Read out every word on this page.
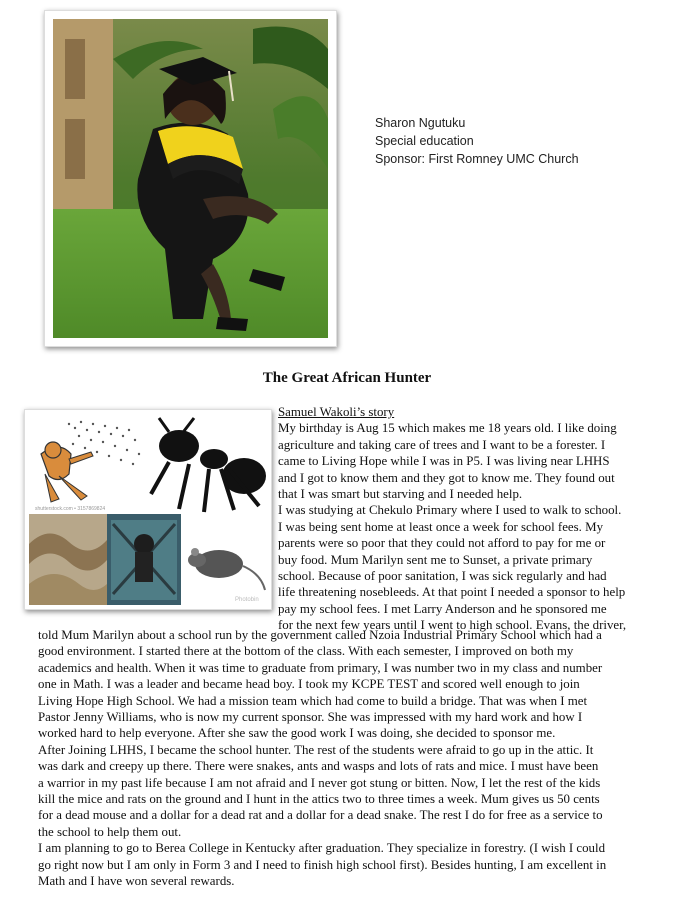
Sharon Ngutuku
Special education
Sponsor: First Romney UMC Church
The Great African Hunter
shutterstock.com • 3157869824
Photobin
Samuel Wakoli’s story
My birthday is Aug 15 which makes me 18 years old. I like doing
agriculture and taking care of trees and I want to be a forester. I
came to Living Hope while I was in P5. I was living near LHHS
and I got to know them and they got to know me. They found out
that I was smart but starving and I needed help.
I was studying at Chekulo Primary where I used to walk to school.
I was being sent home at least once a week for school fees. My
parents were so poor that they could not afford to pay for me or
buy food. Mum Marilyn sent me to Sunset, a private primary
school. Because of poor sanitation, I was sick regularly and had
life threatening nosebleeds. At that point I needed a sponsor to help
pay my school fees. I met Larry Anderson and he sponsored me
for the next few years until I went to high school. Evans, the driver,
told Mum Marilyn about a school run by the government called Nzoia Industrial Primary School which had a
good environment. I started there at the bottom of the class. With each semester, I improved on both my
academics and health. When it was time to graduate from primary, I was number two in my class and number
one in Math. I was a leader and became head boy. I took my KCPE TEST and scored well enough to join
Living Hope High School. We had a mission team which had come to build a bridge. That was when I met
Pastor Jenny Williams, who is now my current sponsor. She was impressed with my hard work and how I
worked hard to help everyone. After she saw the good work I was doing, she decided to sponsor me.
After Joining LHHS, I became the school hunter. The rest of the students were afraid to go up in the attic. It
was dark and creepy up there. There were snakes, ants and wasps and lots of rats and mice. I must have been
a warrior in my past life because I am not afraid and I never got stung or bitten. Now, I let the rest of the kids
kill the mice and rats on the ground and I hunt in the attics two to three times a week. Mum gives us 50 cents
for a dead mouse and a dollar for a dead rat and a dollar for a dead snake. The rest I do for free as a service to
the school to help them out.
I am planning to go to Berea College in Kentucky after graduation. They specialize in forestry. (I wish I could
go right now but I am only in Form 3 and I need to finish high school first). Besides hunting, I am excellent in
Math and I have won several rewards.
